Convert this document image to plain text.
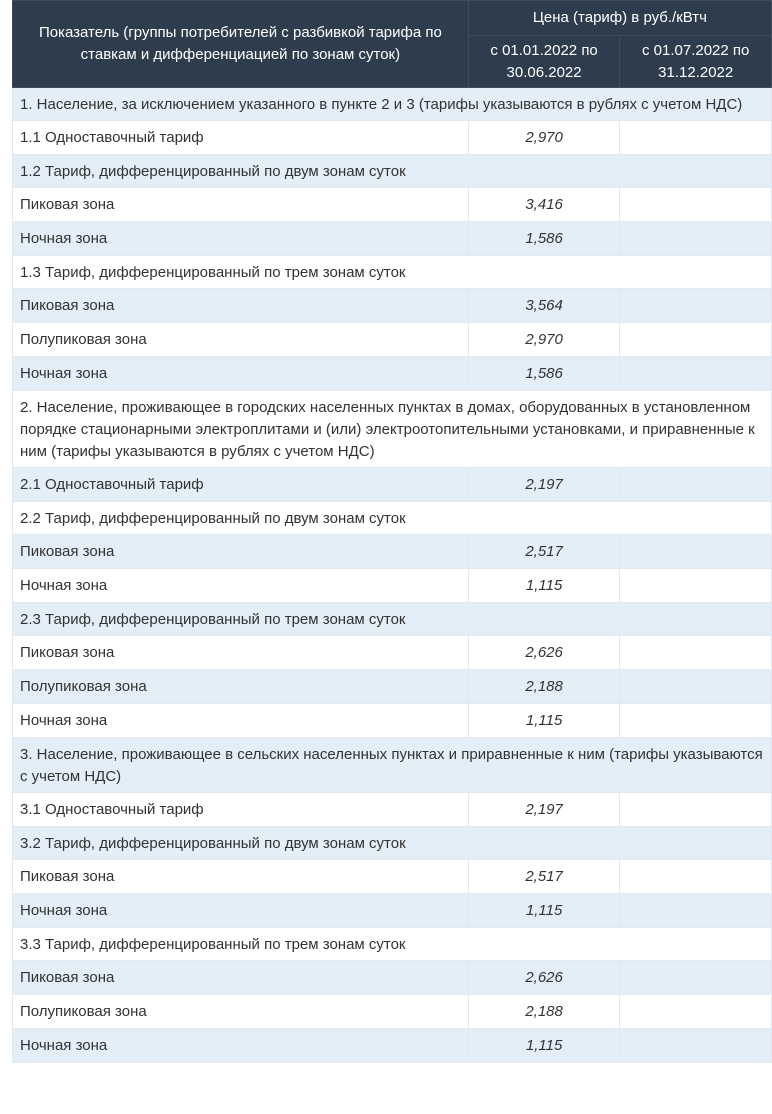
Показатель (группы потребителей с разбивкой тарифа по ставкам и дифференциацией по зонам суток)	Цена (тариф) в руб./кВтч	
	с 01.01.2022 по 30.06.2022	с 01.07.2022 по 31.12.2022
1. Население, за исключением указанного в пункте 2 и 3 (тарифы указываются в рублях с учетом НДС)		
1.1 Одноставочный тариф	2,970	
1.2 Тариф, дифференцированный по двум зонам суток		
Пиковая зона	3,416	
Ночная зона	1,586	
1.3 Тариф, дифференцированный по трем зонам суток		
Пиковая зона	3,564	
Полупиковая зона	2,970	
Ночная зона	1,586	
2. Население, проживающее в городских населенных пунктах в домах, оборудованных в установленном порядке стационарными электроплитами и (или) электроотопительными установками, и приравненные к ним (тарифы указываются в рублях с учетом НДС)		
2.1 Одноставочный тариф	2,197	
2.2 Тариф, дифференцированный по двум зонам суток		
Пиковая зона	2,517	
Ночная зона	1,115	
2.3 Тариф, дифференцированный по трем зонам суток		
Пиковая зона	2,626	
Полупиковая зона	2,188	
Ночная зона	1,115	
3. Население, проживающее в сельских населенных пунктах и приравненные к ним (тарифы указываются с учетом НДС)		
3.1 Одноставочный тариф	2,197	
3.2 Тариф, дифференцированный по двум зонам суток		
Пиковая зона	2,517	
Ночная зона	1,115	
3.3 Тариф, дифференцированный по трем зонам суток		
Пиковая зона	2,626	
Полупиковая зона	2,188	
Ночная зона	1,115	
